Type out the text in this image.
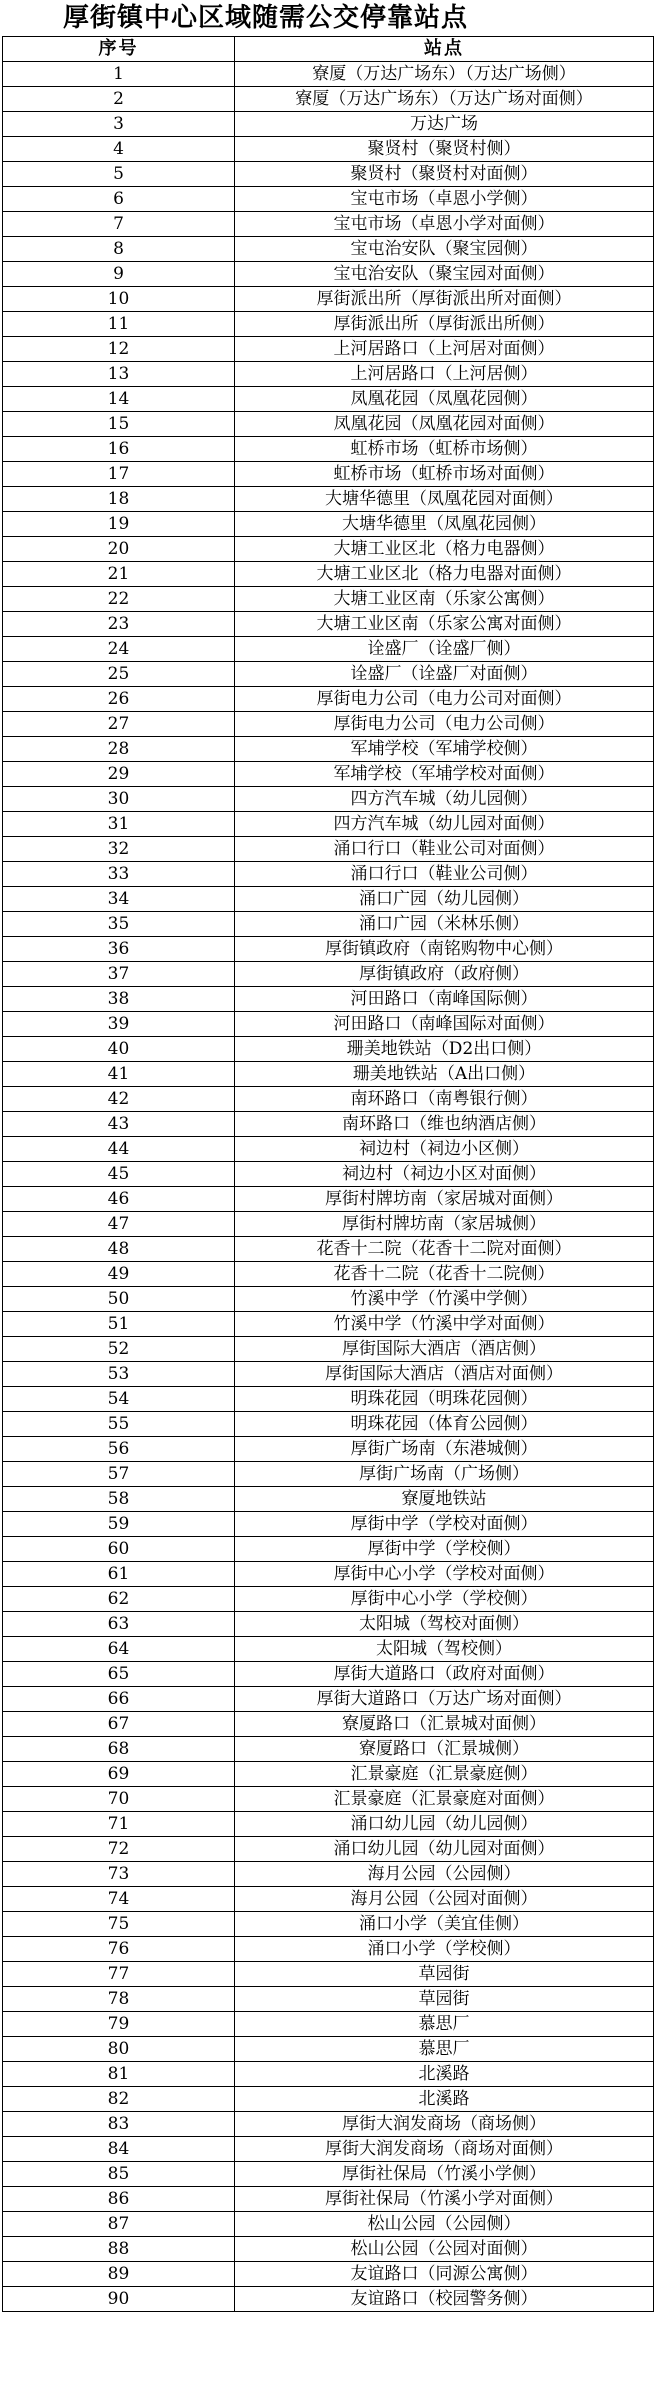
厚街镇中心区域随需公交停靠站点
序号	站点
1	寮厦（万达广场东）（万达广场侧）
2	寮厦（万达广场东）（万达广场对面侧）
3	万达广场
4	聚贤村（聚贤村侧）
5	聚贤村（聚贤村对面侧）
6	宝屯市场（卓恩小学侧）
7	宝屯市场（卓恩小学对面侧）
8	宝屯治安队（聚宝园侧）
9	宝屯治安队（聚宝园对面侧）
10	厚街派出所（厚街派出所对面侧）
11	厚街派出所（厚街派出所侧）
12	上河居路口（上河居对面侧）
13	上河居路口（上河居侧）
14	凤凰花园（凤凰花园侧）
15	凤凰花园（凤凰花园对面侧）
16	虹桥市场（虹桥市场侧）
17	虹桥市场（虹桥市场对面侧）
18	大塘华德里（凤凰花园对面侧）
19	大塘华德里（凤凰花园侧）
20	大塘工业区北（格力电器侧）
21	大塘工业区北（格力电器对面侧）
22	大塘工业区南（乐家公寓侧）
23	大塘工业区南（乐家公寓对面侧）
24	诠盛厂（诠盛厂侧）
25	诠盛厂（诠盛厂对面侧）
26	厚街电力公司（电力公司对面侧）
27	厚街电力公司（电力公司侧）
28	军埔学校（军埔学校侧）
29	军埔学校（军埔学校对面侧）
30	四方汽车城（幼儿园侧）
31	四方汽车城（幼儿园对面侧）
32	涌口行口（鞋业公司对面侧）
33	涌口行口（鞋业公司侧）
34	涌口广园（幼儿园侧）
35	涌口广园（米林乐侧）
36	厚街镇政府（南铭购物中心侧）
37	厚街镇政府（政府侧）
38	河田路口（南峰国际侧）
39	河田路口（南峰国际对面侧）
40	珊美地铁站（D2出口侧）
41	珊美地铁站（A出口侧）
42	南环路口（南粤银行侧）
43	南环路口（维也纳酒店侧）
44	祠边村（祠边小区侧）
45	祠边村（祠边小区对面侧）
46	厚街村牌坊南（家居城对面侧）
47	厚街村牌坊南（家居城侧）
48	花香十二院（花香十二院对面侧）
49	花香十二院（花香十二院侧）
50	竹溪中学（竹溪中学侧）
51	竹溪中学（竹溪中学对面侧）
52	厚街国际大酒店（酒店侧）
53	厚街国际大酒店（酒店对面侧）
54	明珠花园（明珠花园侧）
55	明珠花园（体育公园侧）
56	厚街广场南（东港城侧）
57	厚街广场南（广场侧）
58	寮厦地铁站
59	厚街中学（学校对面侧）
60	厚街中学（学校侧）
61	厚街中心小学（学校对面侧）
62	厚街中心小学（学校侧）
63	太阳城（驾校对面侧）
64	太阳城（驾校侧）
65	厚街大道路口（政府对面侧）
66	厚街大道路口（万达广场对面侧）
67	寮厦路口（汇景城对面侧）
68	寮厦路口（汇景城侧）
69	汇景豪庭（汇景豪庭侧）
70	汇景豪庭（汇景豪庭对面侧）
71	涌口幼儿园（幼儿园侧）
72	涌口幼儿园（幼儿园对面侧）
73	海月公园（公园侧）
74	海月公园（公园对面侧）
75	涌口小学（美宜佳侧）
76	涌口小学（学校侧）
77	草园街
78	草园街
79	慕思厂
80	慕思厂
81	北溪路
82	北溪路
83	厚街大润发商场（商场侧）
84	厚街大润发商场（商场对面侧）
85	厚街社保局（竹溪小学侧）
86	厚街社保局（竹溪小学对面侧）
87	松山公园（公园侧）
88	松山公园（公园对面侧）
89	友谊路口（同源公寓侧）
90	友谊路口（校园警务侧）
